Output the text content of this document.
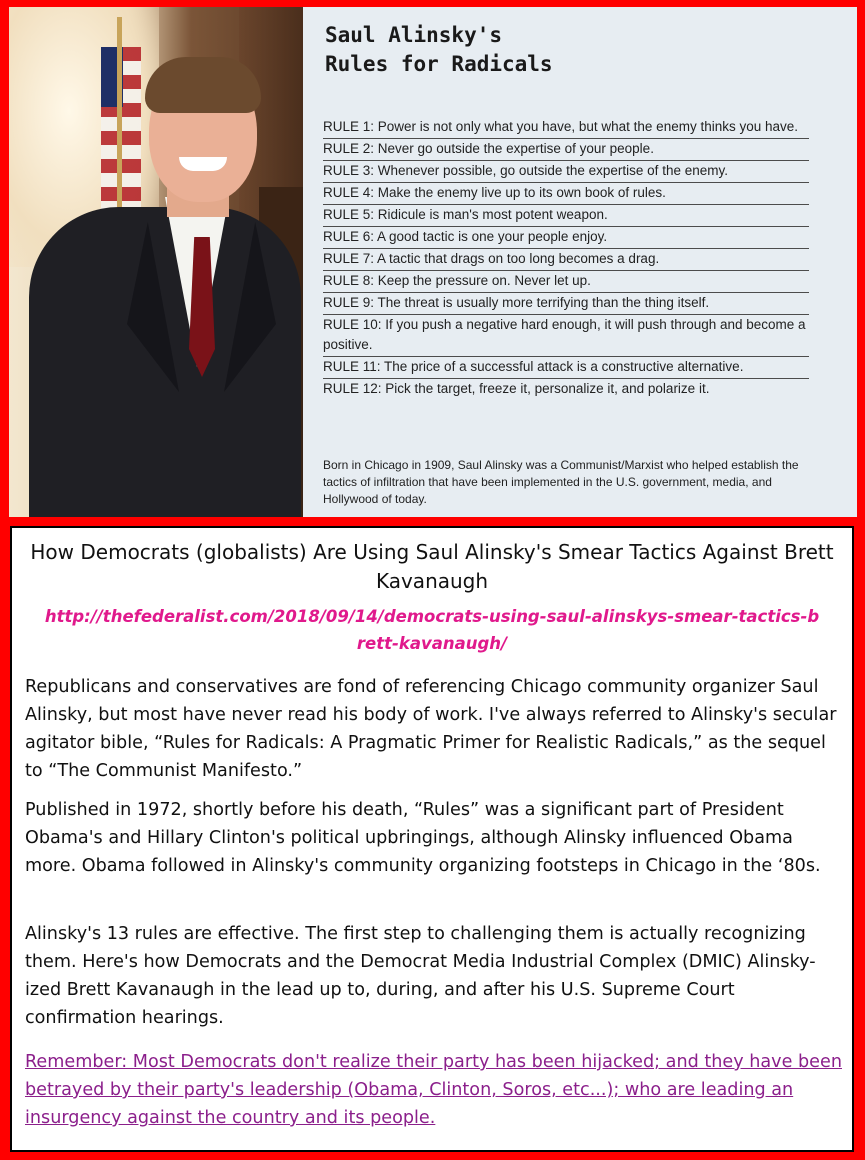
Saul Alinsky's
Rules for Radicals
RULE 1: Power is not only what you have, but what the enemy thinks you have.
RULE 2: Never go outside the expertise of your people.
RULE 3: Whenever possible, go outside the expertise of the enemy.
RULE 4: Make the enemy live up to its own book of rules.
RULE 5: Ridicule is man's most potent weapon.
RULE 6: A good tactic is one your people enjoy.
RULE 7: A tactic that drags on too long becomes a drag.
RULE 8: Keep the pressure on. Never let up.
RULE 9: The threat is usually more terrifying than the thing itself.
RULE 10: If you push a negative hard enough, it will push through and become a positive.
RULE 11: The price of a successful attack is a constructive alternative.
RULE 12: Pick the target, freeze it, personalize it, and polarize it.
Born in Chicago in 1909, Saul Alinsky was a Communist/Marxist who helped establish the tactics of infiltration that have been implemented in the U.S. government, media, and Hollywood of today.
How Democrats (globalists) Are Using Saul Alinsky's Smear Tactics Against Brett Kavanaugh
http://thefederalist.com/2018/09/14/democrats-using-saul-alinskys-smear-tactics-brett-kavanaugh/

Republicans and conservatives are fond of referencing Chicago community organizer Saul Alinsky, but most have never read his body of work. I've always referred to Alinsky's secular agitator bible, “Rules for Radicals: A Pragmatic Primer for Realistic Radicals,” as the sequel to “The Communist Manifesto.”

Published in 1972, shortly before his death, “Rules” was a significant part of President Obama's and Hillary Clinton's political upbringings, although Alinsky influenced Obama more. Obama followed in Alinsky's community organizing footsteps in Chicago in the ‘80s.

Alinsky's 13 rules are effective. The first step to challenging them is actually recognizing them. Here's how Democrats and the Democrat Media Industrial Complex (DMIC) Alinsky-ized Brett Kavanaugh in the lead up to, during, and after his U.S. Supreme Court confirmation hearings.

Remember: Most Democrats don't realize their party has been hijacked; and they have been betrayed by their party's leadership (Obama, Clinton, Soros, etc...); who are leading an insurgency against the country and its people.
